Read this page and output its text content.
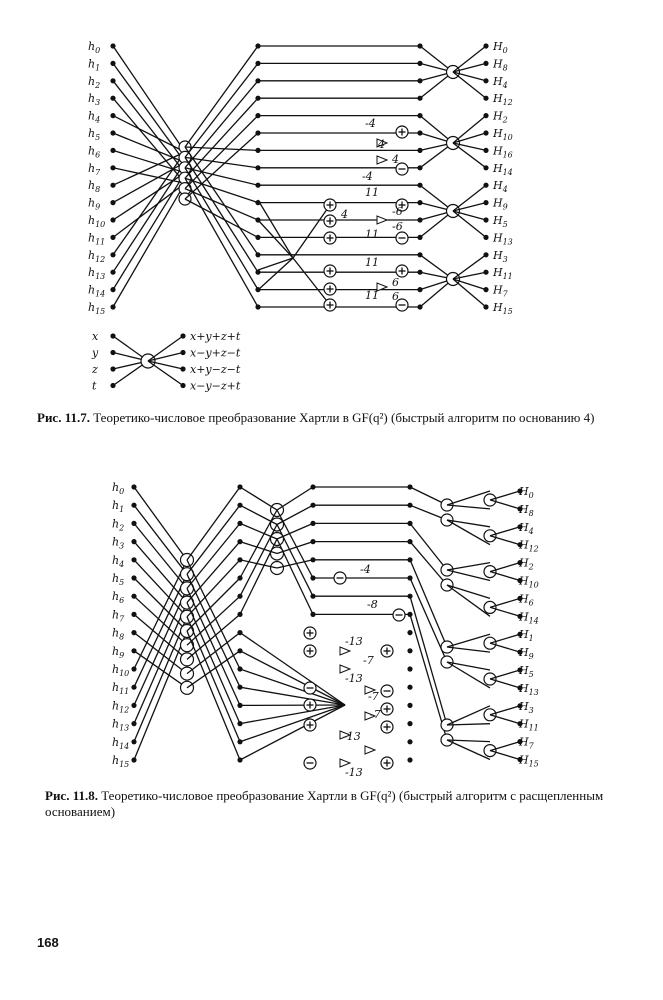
$h_0$
$h_1$
$h_2$
$h_3$
$h_4$
$h_5$
$h_6$
$h_7$
$h_8$
$h_9$
$h_{10}$
$h_{11}$
$h_{12}$
$h_{13}$
$h_{14}$
$h_{15}$
$H_0$
$H_8$
$H_4$
$H_{12}$
$H_2$
$H_{10}$
$H_{16}$
$H_{14}$
$H_4$
$H_9$
$H_5$
$H_{13}$
$H_3$
$H_{11}$
$H_7$
$H_{15}$
-4
4
4
-4
11
4	-6
11
-6
11
6
11 6
x
y
z
t
x+y+z+t
x−y+z−t
x+y−z−t
x−y−z+t
$h_0$
$h_1$
$h_2$
$h_3$
$h_4$
$h_5$
$h_6$
$h_7$
$h_8$
$h_9$
$h_{10}$
$h_{11}$
$h_{12}$
$h_{13}$
$h_{14}$
$h_{15}$
$H_0$
$H_8$
$H_4$
$H_{12}$
$H_2$
$H_{10}$
$H_6$
$H_{14}$
$H_1$
$H_9$
$H_5$
$H_{13}$
$H_3$
$H_{11}$
$H_7$
$H_{15}$
-4
-8
-13
-7
-13
-7
-7
-13
-13
Рис. 11.7. Теоретико-числовое преобразование Хартли в GF(q²) (быстрый алгоритм по основанию 4)
Рис. 11.8. Теоретико-числовое преобразование Хартли в GF(q²) (быстрый алгоритм с расщепленным основанием)
168
